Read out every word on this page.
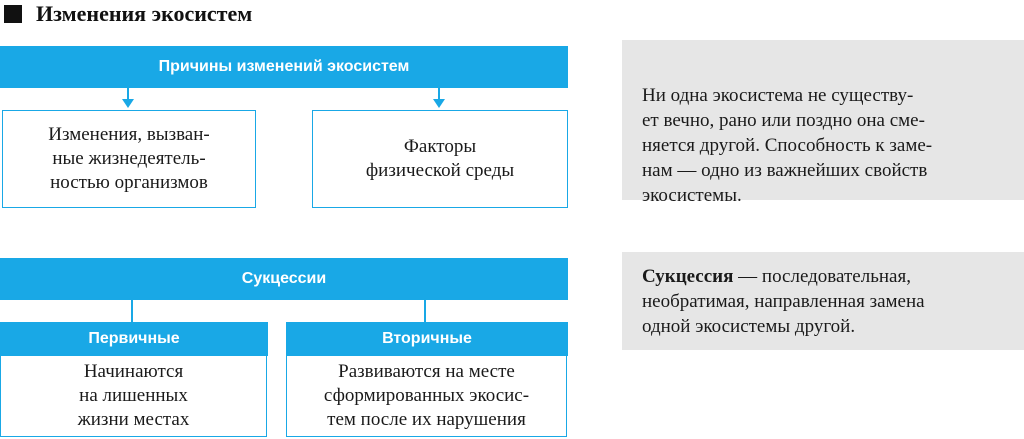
Изменения экосистем
Причины изменений экосистем
Изменения, вызван-
ные жизнедеятель-
ностью организмов
Факторы
физической среды
Сукцессии
Первичные
Начинаются
на лишенных
жизни местах
Вторичные
Развиваются на месте
сформированных экосис-
тем после их нарушения

Ни одна экосистема не существу-
ет вечно, рано или поздно она сме-
няется другой. Способность к заме-
нам — одно из важнейших свойств
экосистемы.

Сукцессия — последовательная,
необратимая, направленная замена
одной экосистемы другой.
